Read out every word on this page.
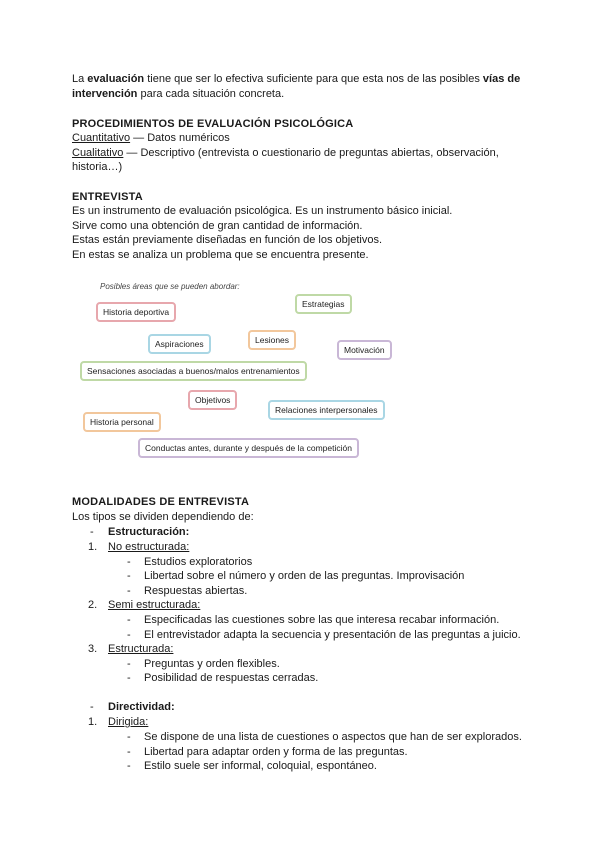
La evaluación tiene que ser lo efectiva suficiente para que esta nos de las posibles vías de
intervención para cada situación concreta.
PROCEDIMIENTOS DE EVALUACIÓN PSICOLÓGICA
Cuantitativo — Datos numéricos
Cualitativo — Descriptivo (entrevista o cuestionario de preguntas abiertas, observación,
historia…)
ENTREVISTA
Es un instrumento de evaluación psicológica. Es un instrumento básico inicial.
Sirve como una obtención de gran cantidad de información.
Estas están previamente diseñadas en función de los objetivos.
En estas se analiza un problema que se encuentra presente.
Posibles áreas que se pueden abordar:
Historia deportiva
Estrategias
Aspiraciones	Lesiones
Motivación
Sensaciones asociadas a buenos/malos entrenamientos
Objetivos
Relaciones interpersonales
Historia personal
Conductas antes, durante y después de la competición
MODALIDADES DE ENTREVISTA
Los tipos se dividen dependiendo de:
- Estructuración:
1. No estructurada:
- Estudios exploratorios
- Libertad sobre el número y orden de las preguntas. Improvisación
- Respuestas abiertas.
2. Semi estructurada:
- Especificadas las cuestiones sobre las que interesa recabar información.
- El entrevistador adapta la secuencia y presentación de las preguntas a juicio.
3. Estructurada:
- Preguntas y orden flexibles.
- Posibilidad de respuestas cerradas.
- Directividad:
1. Dirigida:
- Se dispone de una lista de cuestiones o aspectos que han de ser explorados.
- Libertad para adaptar orden y forma de las preguntas.
- Estilo suele ser informal, coloquial, espontáneo.
